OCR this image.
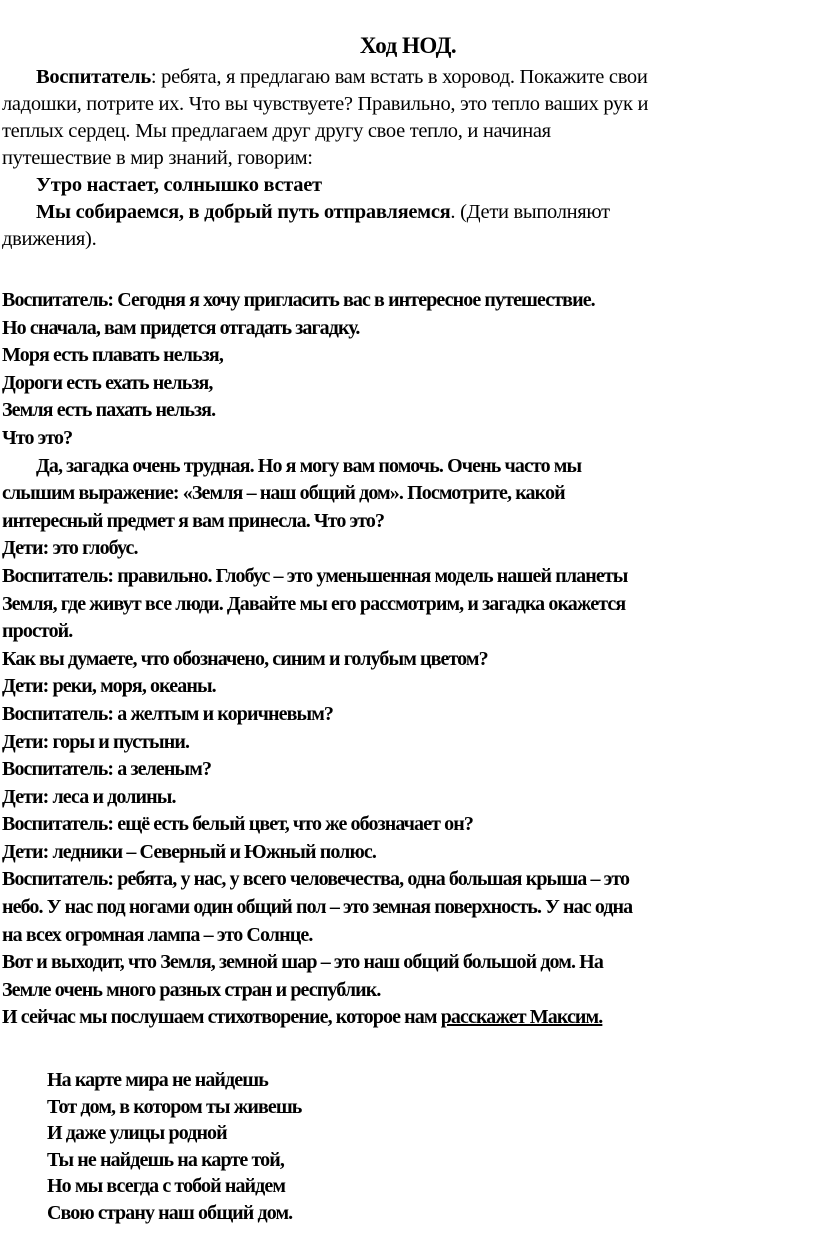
Ход НОД.
Воспитатель: ребята, я предлагаю вам встать в хоровод. Покажите свои
ладошки, потрите их. Что вы чувствуете? Правильно, это тепло ваших рук и
теплых сердец. Мы предлагаем друг другу свое тепло, и начиная
путешествие в мир знаний, говорим:
Утро настает, солнышко встает
Мы собираемся, в добрый путь отправляемся. (Дети выполняют
движения).
Воспитатель: Сегодня я хочу пригласить вас в интересное путешествие.
Но сначала, вам придется отгадать загадку.
Моря есть плавать нельзя,
Дороги есть ехать нельзя,
Земля есть пахать нельзя.
Что это?
Да, загадка очень трудная. Но я могу вам помочь. Очень часто мы
слышим выражение: «Земля – наш общий дом». Посмотрите, какой
интересный предмет я вам принесла. Что это?
Дети: это глобус.
Воспитатель: правильно. Глобус – это уменьшенная модель нашей планеты
Земля, где живут все люди. Давайте мы его рассмотрим, и загадка окажется
простой.
Как вы думаете, что обозначено, синим и голубым цветом?
Дети: реки, моря, океаны.
Воспитатель: а желтым и коричневым?
Дети: горы и пустыни.
Воспитатель: а зеленым?
Дети: леса и долины.
Воспитатель: ещё есть белый цвет, что же обозначает он?
Дети: ледники – Северный и Южный полюс.
Воспитатель: ребята, у нас, у всего человечества, одна большая крыша – это
небо. У нас под ногами один общий пол – это земная поверхность. У нас одна
на всех огромная лампа – это Солнце.
Вот и выходит, что Земля, земной шар – это наш общий большой дом. На
Земле очень много разных стран и республик.
И сейчас мы послушаем стихотворение, которое нам расскажет Максим.
На карте мира не найдешь
Тот дом, в котором ты живешь
И даже улицы родной
Ты не найдешь на карте той,
Но мы всегда с тобой найдем
Свою страну наш общий дом.
